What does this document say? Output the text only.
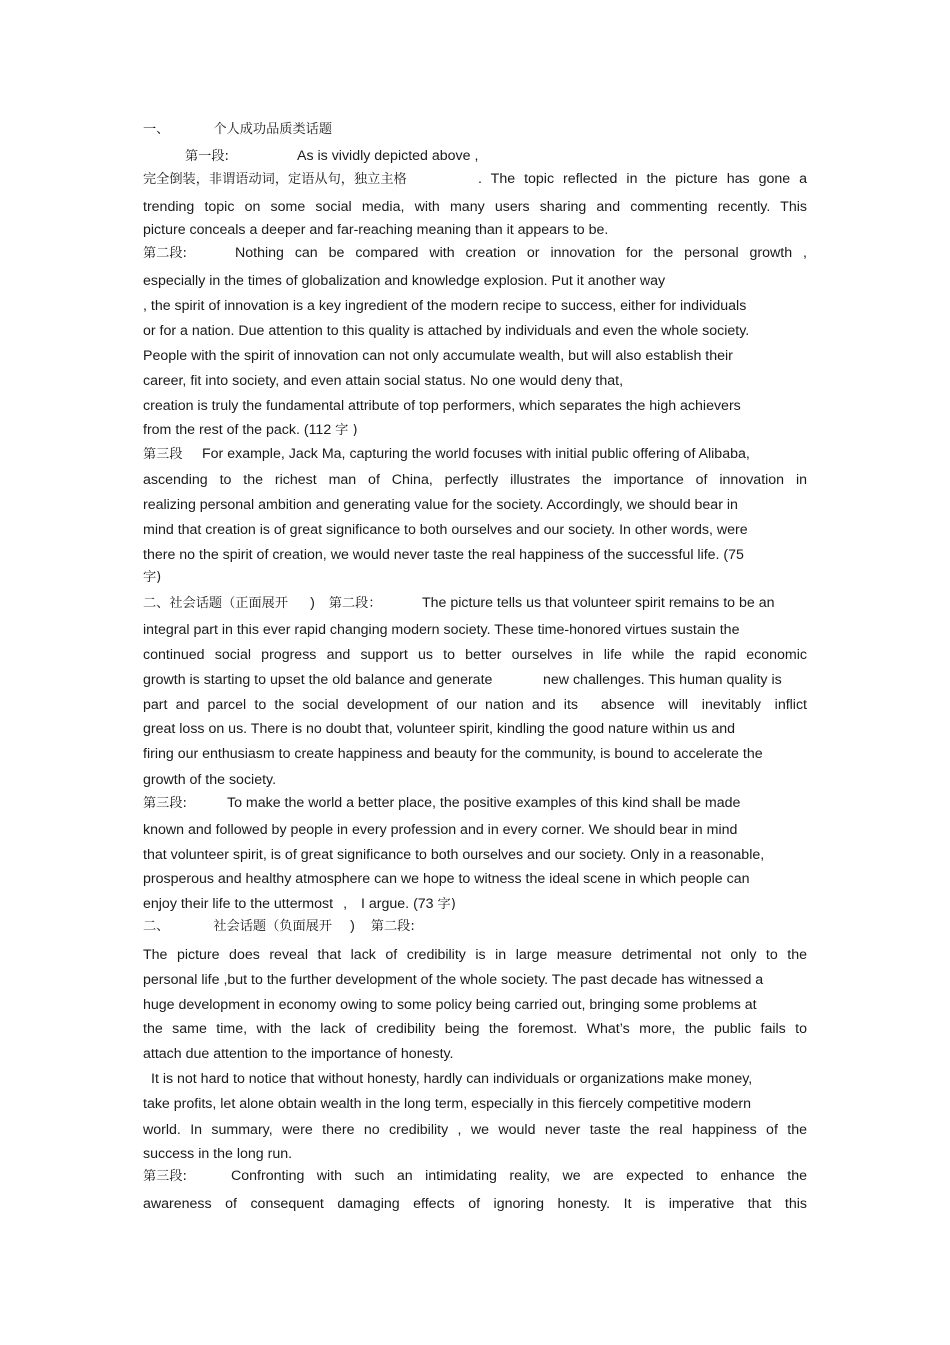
一、	个人成功品质类话题
第一段:	As is vividly depicted above ,
完全倒装，非谓语动词，定语从句，独立主格	. The topic reflected in the picture has gone a
trending topic on some social media, with many users sharing and commenting recently. This
picture conceals a deeper and far-reaching meaning than it appears to be.
第二段:	Nothing can be compared with creation or innovation for the personal growth ,
especially in the times of globalization and knowledge explosion. Put it another way
, the spirit of innovation is a key ingredient of the modern recipe to success, either for individuals
or for a nation. Due attention to this quality is attached by individuals and even the whole society.
People with the spirit of innovation can not only accumulate wealth, but will also establish their
career, fit into society, and even attain social status. No one would deny that,
creation is truly the fundamental attribute of top performers, which separates the high achievers
from the rest of the pack. (112 字 )
第三段 For example, Jack Ma, capturing the world focuses with initial public offering of Alibaba,
ascending to the richest man of China, perfectly illustrates the importance of innovation in
realizing personal ambition and generating value for the society. Accordingly, we should bear in
mind that creation is of great significance to both ourselves and our society. In other words, were
there no the spirit of creation, we would never taste the real happiness of the successful life. (75
字)
二、社会话题（正面展开 ) 第二段：	The picture tells us that volunteer spirit remains to be an
integral part in this ever rapid changing modern society. These time-honored virtues sustain the
continued social progress and support us to better ourselves in life while the rapid economic
growth is starting to upset the old balance and generate	new challenges. This human quality is
part and parcel to the social development of our nation and its absence will inevitably inflict
great loss on us. There is no doubt that, volunteer spirit, kindling the good nature within us and
firing our enthusiasm to create happiness and beauty for the community, is bound to accelerate the
growth of the society.
第三段:	To make the world a better place, the positive examples of this kind shall be made
known and followed by people in every profession and in every corner. We should bear in mind
that volunteer spirit, is of great significance to both ourselves and our society. Only in a reasonable,
prosperous and healthy atmosphere can we hope to witness the ideal scene in which people can
enjoy their life to the uttermost , I argue. (73 字)
二、	社会话题（负面展开 ) 第二段:
The picture does reveal that lack of credibility is in large measure detrimental not only to the
personal life ,but to the further development of the whole society. The past decade has witnessed a
huge development in economy owing to some policy being carried out, bringing some problems at
the same time, with the lack of credibility being the foremost. What’s more, the public fails to
attach due attention to the importance of honesty.
It is not hard to notice that without honesty, hardly can individuals or organizations make money,
take profits, let alone obtain wealth in the long term, especially in this fiercely competitive modern
world. In summary, were there no credibility , we would never taste the real happiness of the
success in the long run.
第三段:	Confronting with such an intimidating reality, we are expected to enhance the
awareness of consequent damaging effects of ignoring honesty. It is imperative that this
